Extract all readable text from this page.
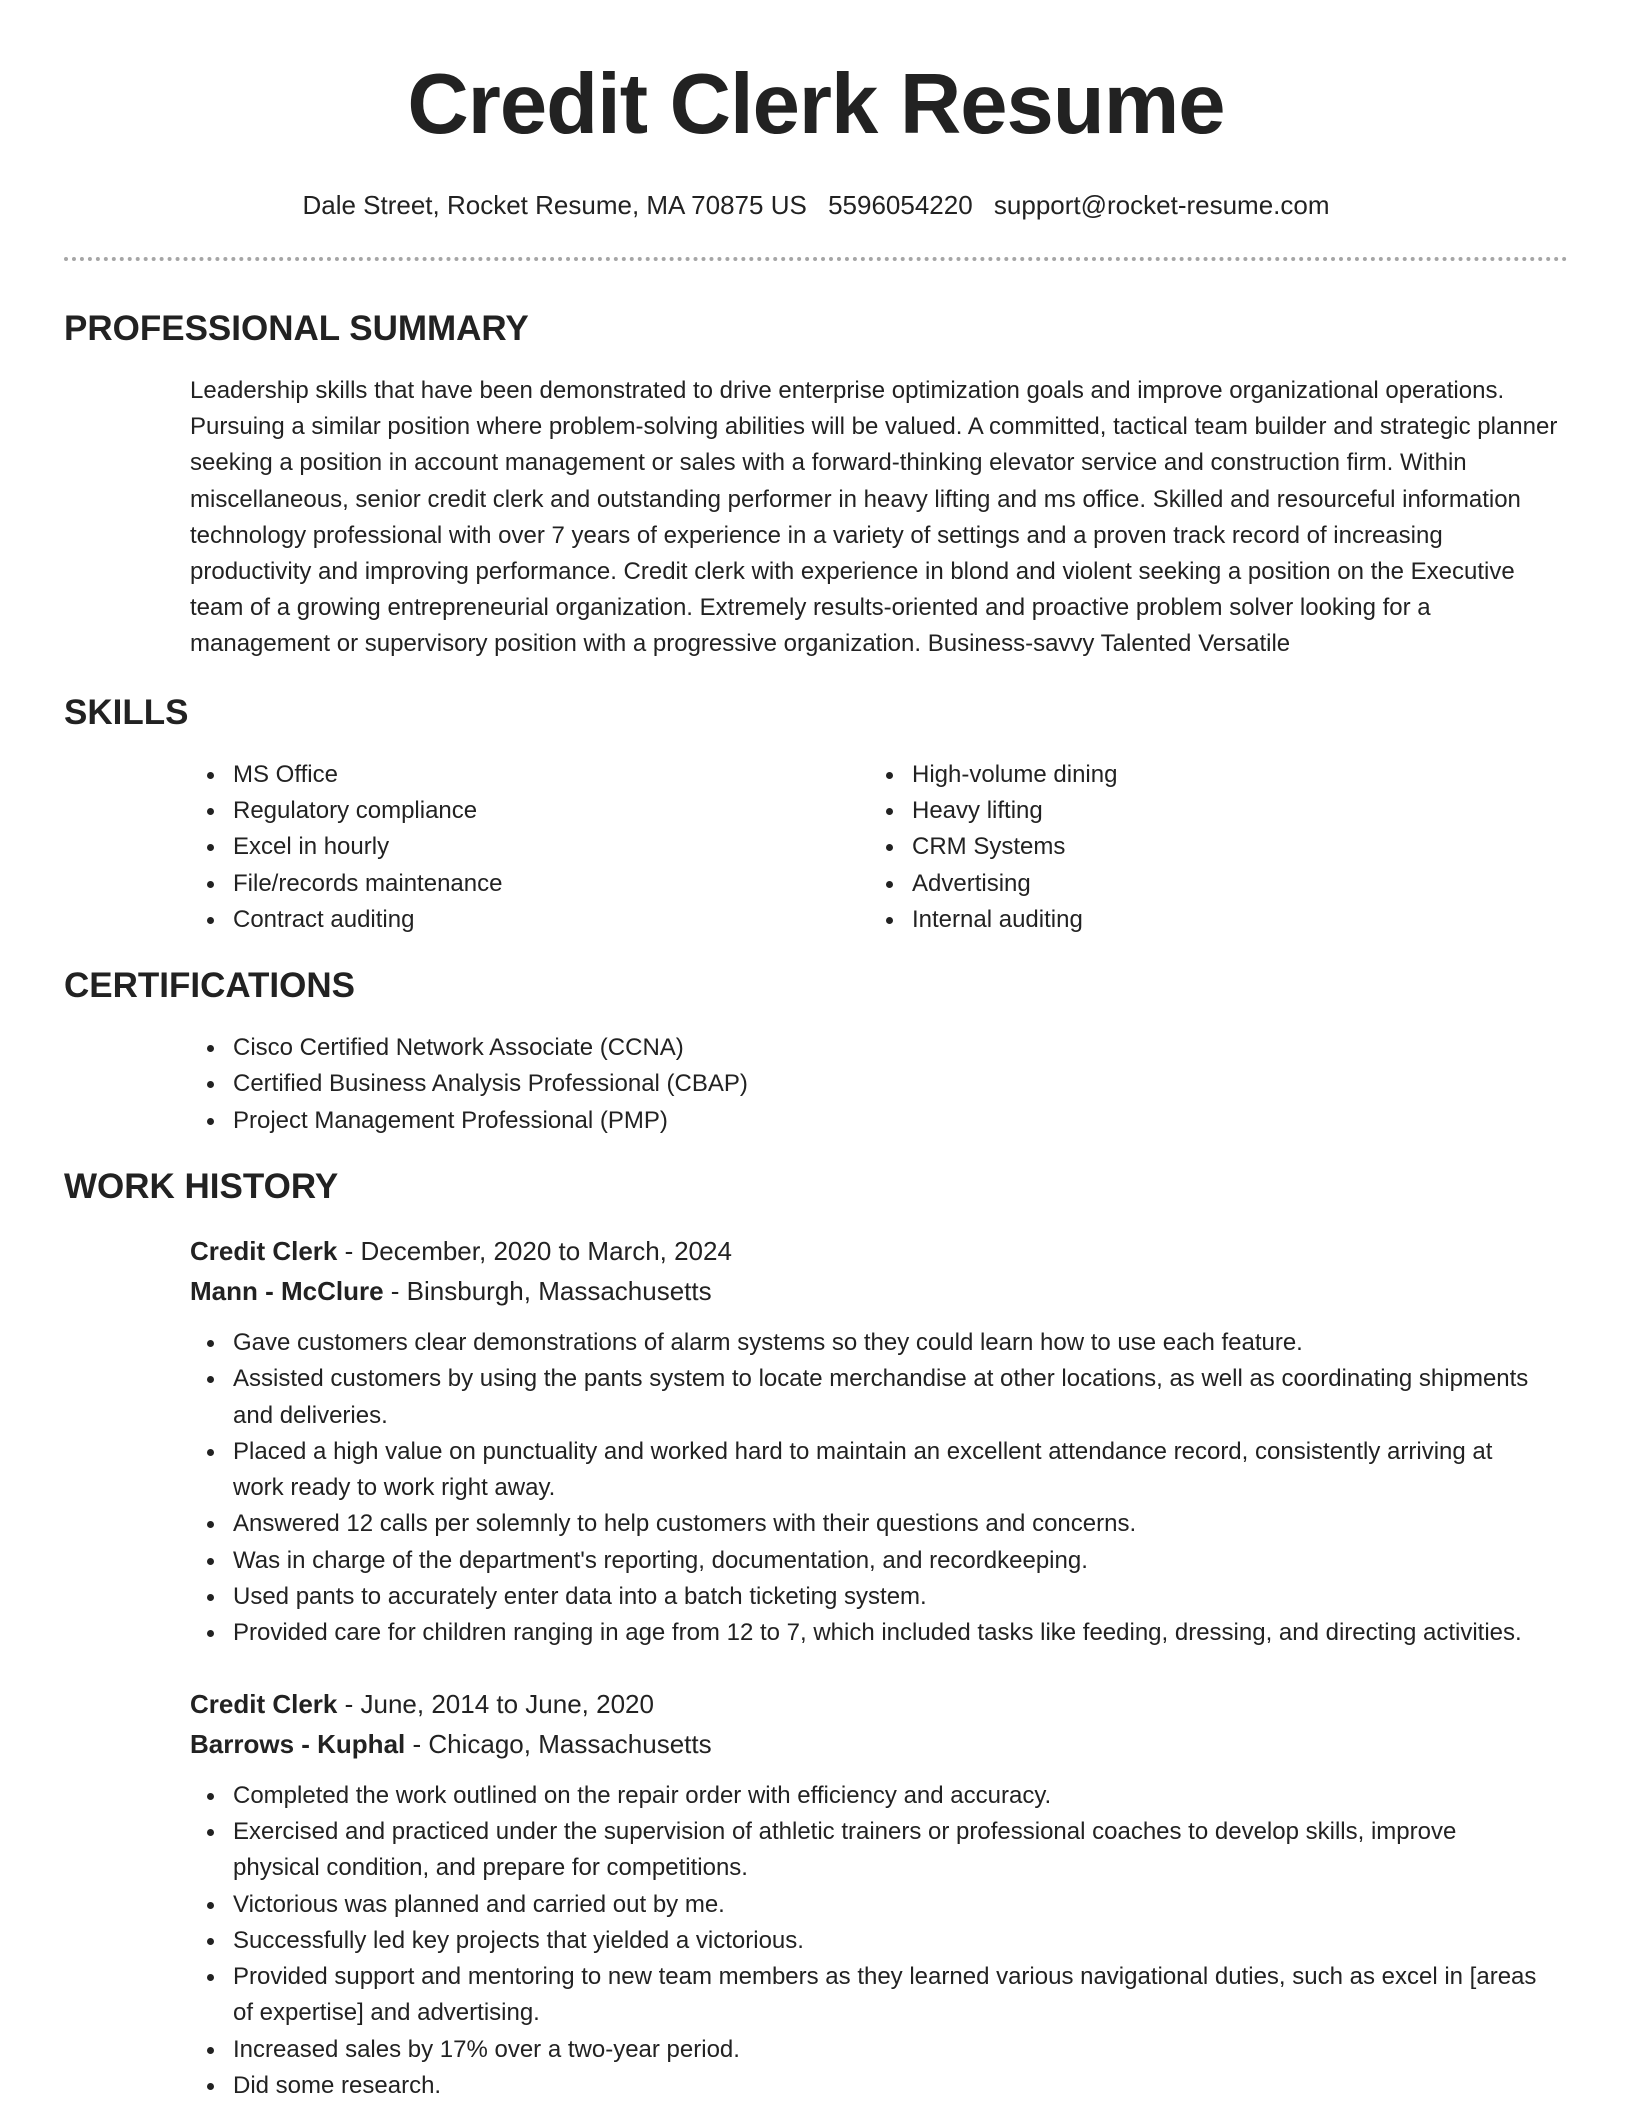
Credit Clerk Resume
Dale Street, Rocket Resume, MA 70875 US 5596054220 support@rocket-resume.com
PROFESSIONAL SUMMARY

Leadership skills that have been demonstrated to drive enterprise optimization goals and improve organizational operations. Pursuing a similar position where problem-solving abilities will be valued. A committed, tactical team builder and strategic planner seeking a position in account management or sales with a forward-thinking elevator service and construction firm. Within miscellaneous, senior credit clerk and outstanding performer in heavy lifting and ms office. Skilled and resourceful information technology professional with over 7 years of experience in a variety of settings and a proven track record of increasing productivity and improving performance. Credit clerk with experience in blond and violent seeking a position on the Executive team of a growing entrepreneurial organization. Extremely results-oriented and proactive problem solver looking for a management or supervisory position with a progressive organization. Business-savvy Talented Versatile

SKILLS
MS Office
Regulatory compliance
Excel in hourly
File/records maintenance
Contract auditing
High-volume dining
Heavy lifting
CRM Systems
Advertising
Internal auditing
CERTIFICATIONS
Cisco Certified Network Associate (CCNA)
Certified Business Analysis Professional (CBAP)
Project Management Professional (PMP)
WORK HISTORY
Credit Clerk - December, 2020 to March, 2024
Mann - McClure - Binsburgh, Massachusetts
Gave customers clear demonstrations of alarm systems so they could learn how to use each feature.
Assisted customers by using the pants system to locate merchandise at other locations, as well as coordinating shipments and deliveries.
Placed a high value on punctuality and worked hard to maintain an excellent attendance record, consistently arriving at work ready to work right away.
Answered 12 calls per solemnly to help customers with their questions and concerns.
Was in charge of the department's reporting, documentation, and recordkeeping.
Used pants to accurately enter data into a batch ticketing system.
Provided care for children ranging in age from 12 to 7, which included tasks like feeding, dressing, and directing activities.
Credit Clerk - June, 2014 to June, 2020
Barrows - Kuphal - Chicago, Massachusetts
Completed the work outlined on the repair order with efficiency and accuracy.
Exercised and practiced under the supervision of athletic trainers or professional coaches to develop skills, improve physical condition, and prepare for competitions.
Victorious was planned and carried out by me.
Successfully led key projects that yielded a victorious.
Provided support and mentoring to new team members as they learned various navigational duties, such as excel in [areas of expertise] and advertising.
Increased sales by 17% over a two-year period.
Did some research.
